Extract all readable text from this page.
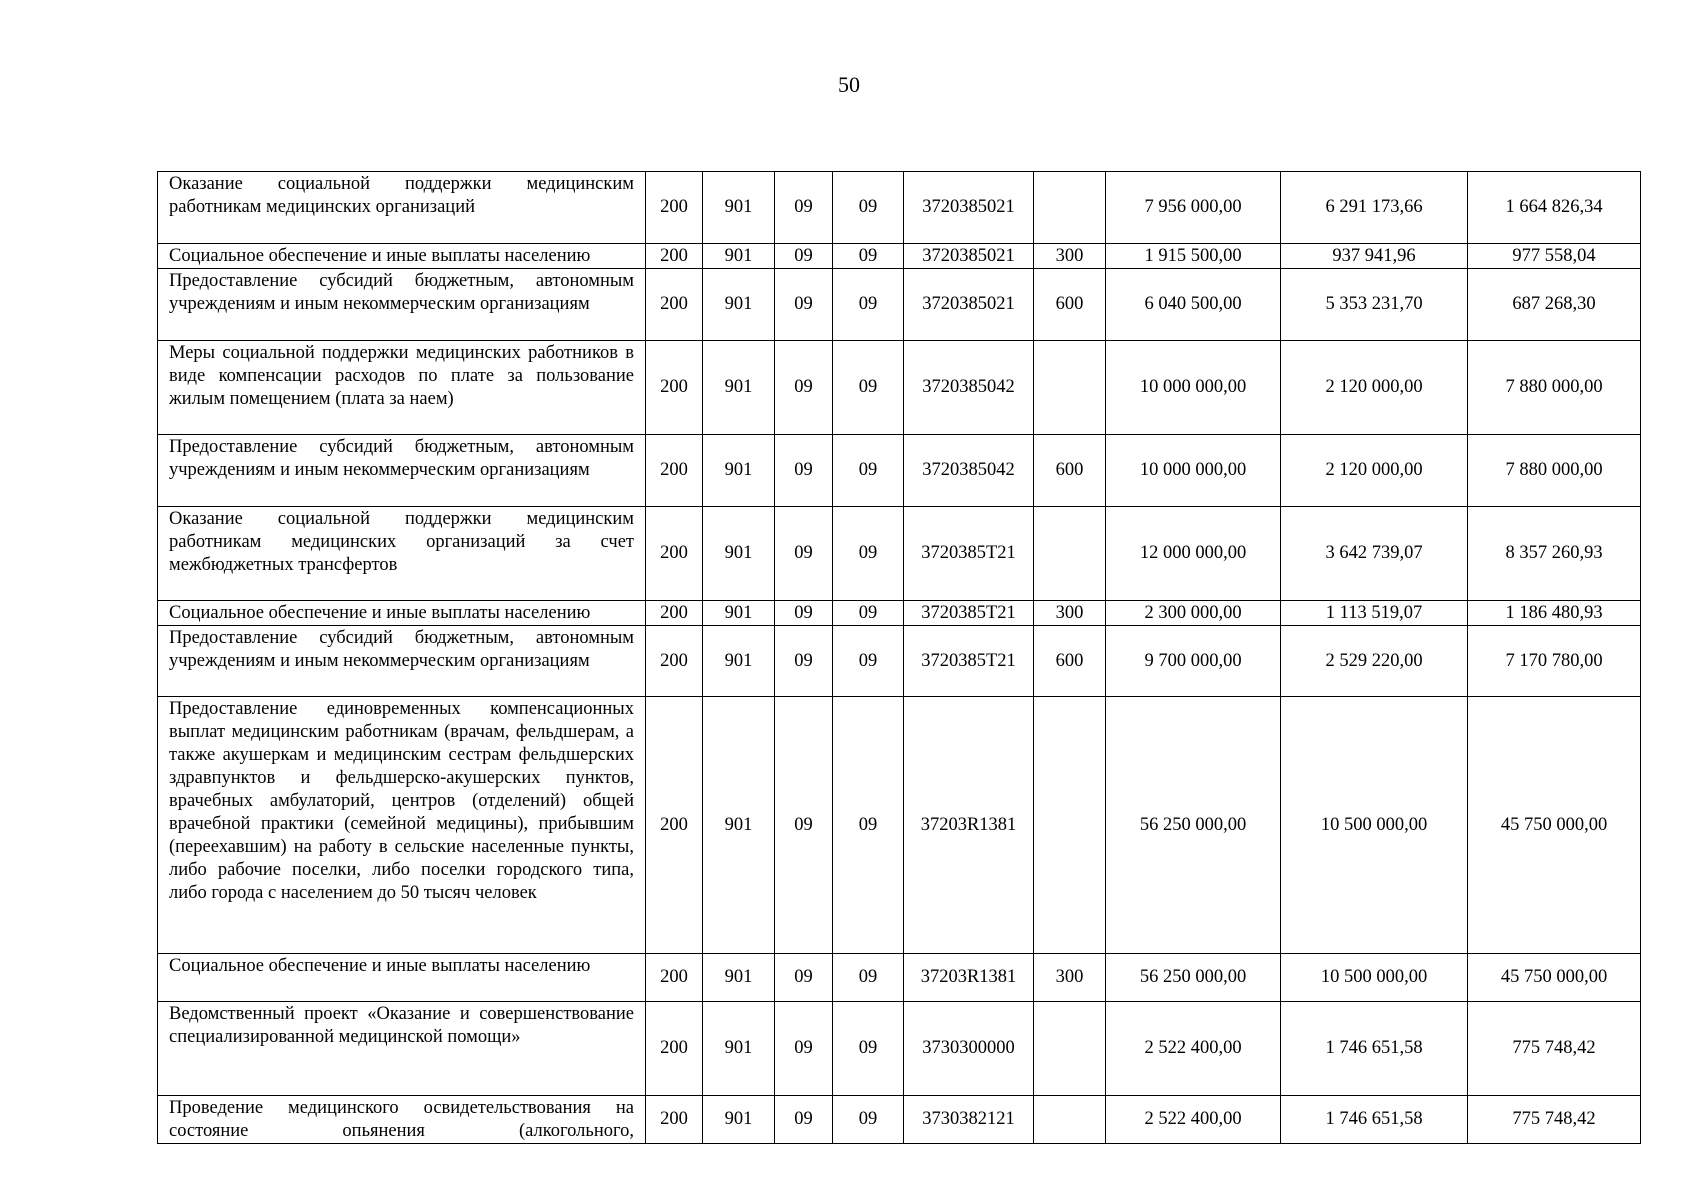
50
Оказание социальной поддержки медицинским работникам медицинских организаций	200	901	09	09	3720385021		7 956 000,00	6 291 173,66	1 664 826,34
Социальное обеспечение и иные выплаты населению	200	901	09	09	3720385021	300	1 915 500,00	937 941,96	977 558,04
Предоставление субсидий бюджетным, автономным учреждениям и иным некоммерческим организациям	200	901	09	09	3720385021	600	6 040 500,00	5 353 231,70	687 268,30
Меры социальной поддержки медицинских работников в виде компенсации расходов по плате за пользование жилым помещением (плата за наем)	200	901	09	09	3720385042		10 000 000,00	2 120 000,00	7 880 000,00
Предоставление субсидий бюджетным, автономным учреждениям и иным некоммерческим организациям	200	901	09	09	3720385042	600	10 000 000,00	2 120 000,00	7 880 000,00
Оказание социальной поддержки медицинским работникам медицинских организаций за счет межбюджетных трансфертов	200	901	09	09	3720385Т21		12 000 000,00	3 642 739,07	8 357 260,93
Социальное обеспечение и иные выплаты населению	200	901	09	09	3720385Т21	300	2 300 000,00	1 113 519,07	1 186 480,93
Предоставление субсидий бюджетным, автономным учреждениям и иным некоммерческим организациям	200	901	09	09	3720385Т21	600	9 700 000,00	2 529 220,00	7 170 780,00
Предоставление единовременных компенсационных выплат медицинским работникам (врачам, фельдшерам, а также акушеркам и медицинским сестрам фельдшерских здравпунктов и фельдшерско-акушерских пунктов, врачебных амбулаторий, центров (отделений) общей врачебной практики (семейной медицины), прибывшим (переехавшим) на работу в сельские населенные пункты, либо рабочие поселки, либо поселки городского типа, либо города с населением до 50 тысяч человек	200	901	09	09	37203R1381		56 250 000,00	10 500 000,00	45 750 000,00
Социальное обеспечение и иные выплаты населению	200	901	09	09	37203R1381	300	56 250 000,00	10 500 000,00	45 750 000,00
Ведомственный проект «Оказание и совершенствование специализированной медицинской помощи»	200	901	09	09	3730300000		2 522 400,00	1 746 651,58	775 748,42
Проведение медицинского освидетельствования на состояние опьянения (алкогольного,	200	901	09	09	3730382121		2 522 400,00	1 746 651,58	775 748,42
